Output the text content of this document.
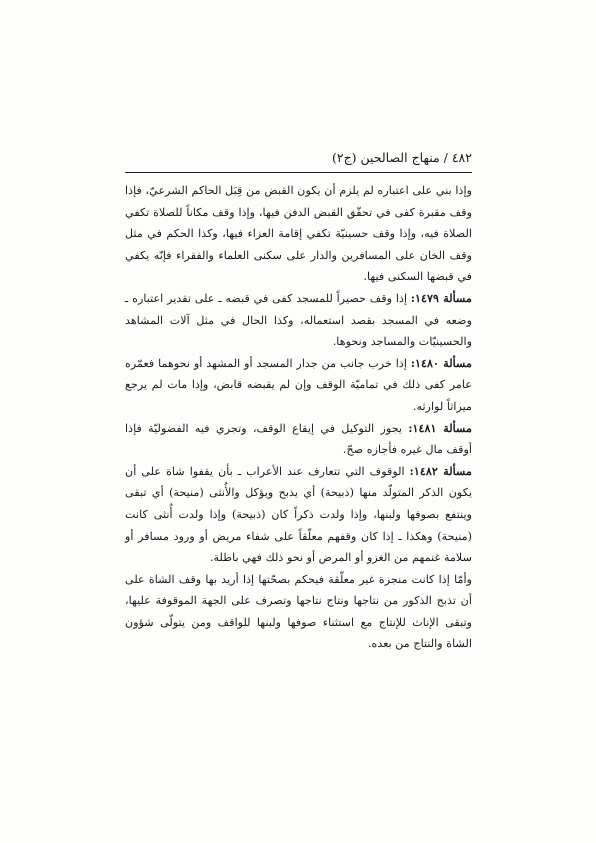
٤٨٢ / منهاج الصالحين (ج٢)

وإذا بني على اعتباره لم يلزم أن يكون القبض من قِبَل الحاكم الشرعيّ، فإذا وقف مقبرة كفى في تحقّق القبض الدفن فيها، وإذا وقف مكاناً للصلاة تكفي الصلاة فيه، وإذا وقف حسينيّة تكفي إقامة العزاء فيها، وكذا الحكم في مثل وقف الخان على المسافرين والدار على سكنى العلماء والفقراء فإنّه يكفي في قبضها السكنى فيها.

مسألة ١٤٧٩: إذا وقف حصيراً للمسجد كفى في قبضه ـ على تقدير اعتباره ـ وضعه في المسجد بقصد استعماله، وكذا الحال في مثل آلات المشاهد والحسينيّات والمساجد ونحوها.

مسألة ١٤٨٠: إذا خرب جانب من جدار المسجد أو المشهد أو نحوهما فعمّره عامر كفى ذلك في تماميّة الوقف وإن لم يقبضه قابض، وإذا مات لم يرجع ميراثاً لوارثه.

مسألة ١٤٨١: يجوز التوكيل في إيقاع الوقف، وتجري فيه الفضوليّة فإذا أوقف مال غيره فأجازه صحّ.

مسألة ١٤٨٢: الوقوف التي تتعارف عند الأعراب ـ بأن يقفوا شاة على أن يكون الذكر المتولّد منها (ذبيحة) أي يذبح ويؤكل والأُنثى (منيحة) أي تبقى وينتفع بصوفها ولبنها، وإذا ولدت ذكراً كان (ذبيحة) وإذا ولدت أُنثى كانت (منيحة) وهكذا ـ إذا كان وقفهم معلّقاً على شفاء مريض أو ورود مسافر أو سلامة غنمهم من الغزو أو المرض أو نحو ذلك فهي باطلة.

وأمّا إذا كانت منجزة غير معلّقة فيحكم بصحّتها إذا أريد بها وقف الشاة على أن تذبح الذكور من نتاجها ونتاج نتاجها وتصرف على الجهة الموقوفة عليها، وتبقى الإناث للإنتاج مع استثناء صوفها ولبنها للواقف ومن يتولّى شؤون الشاة والنتاج من بعده.
